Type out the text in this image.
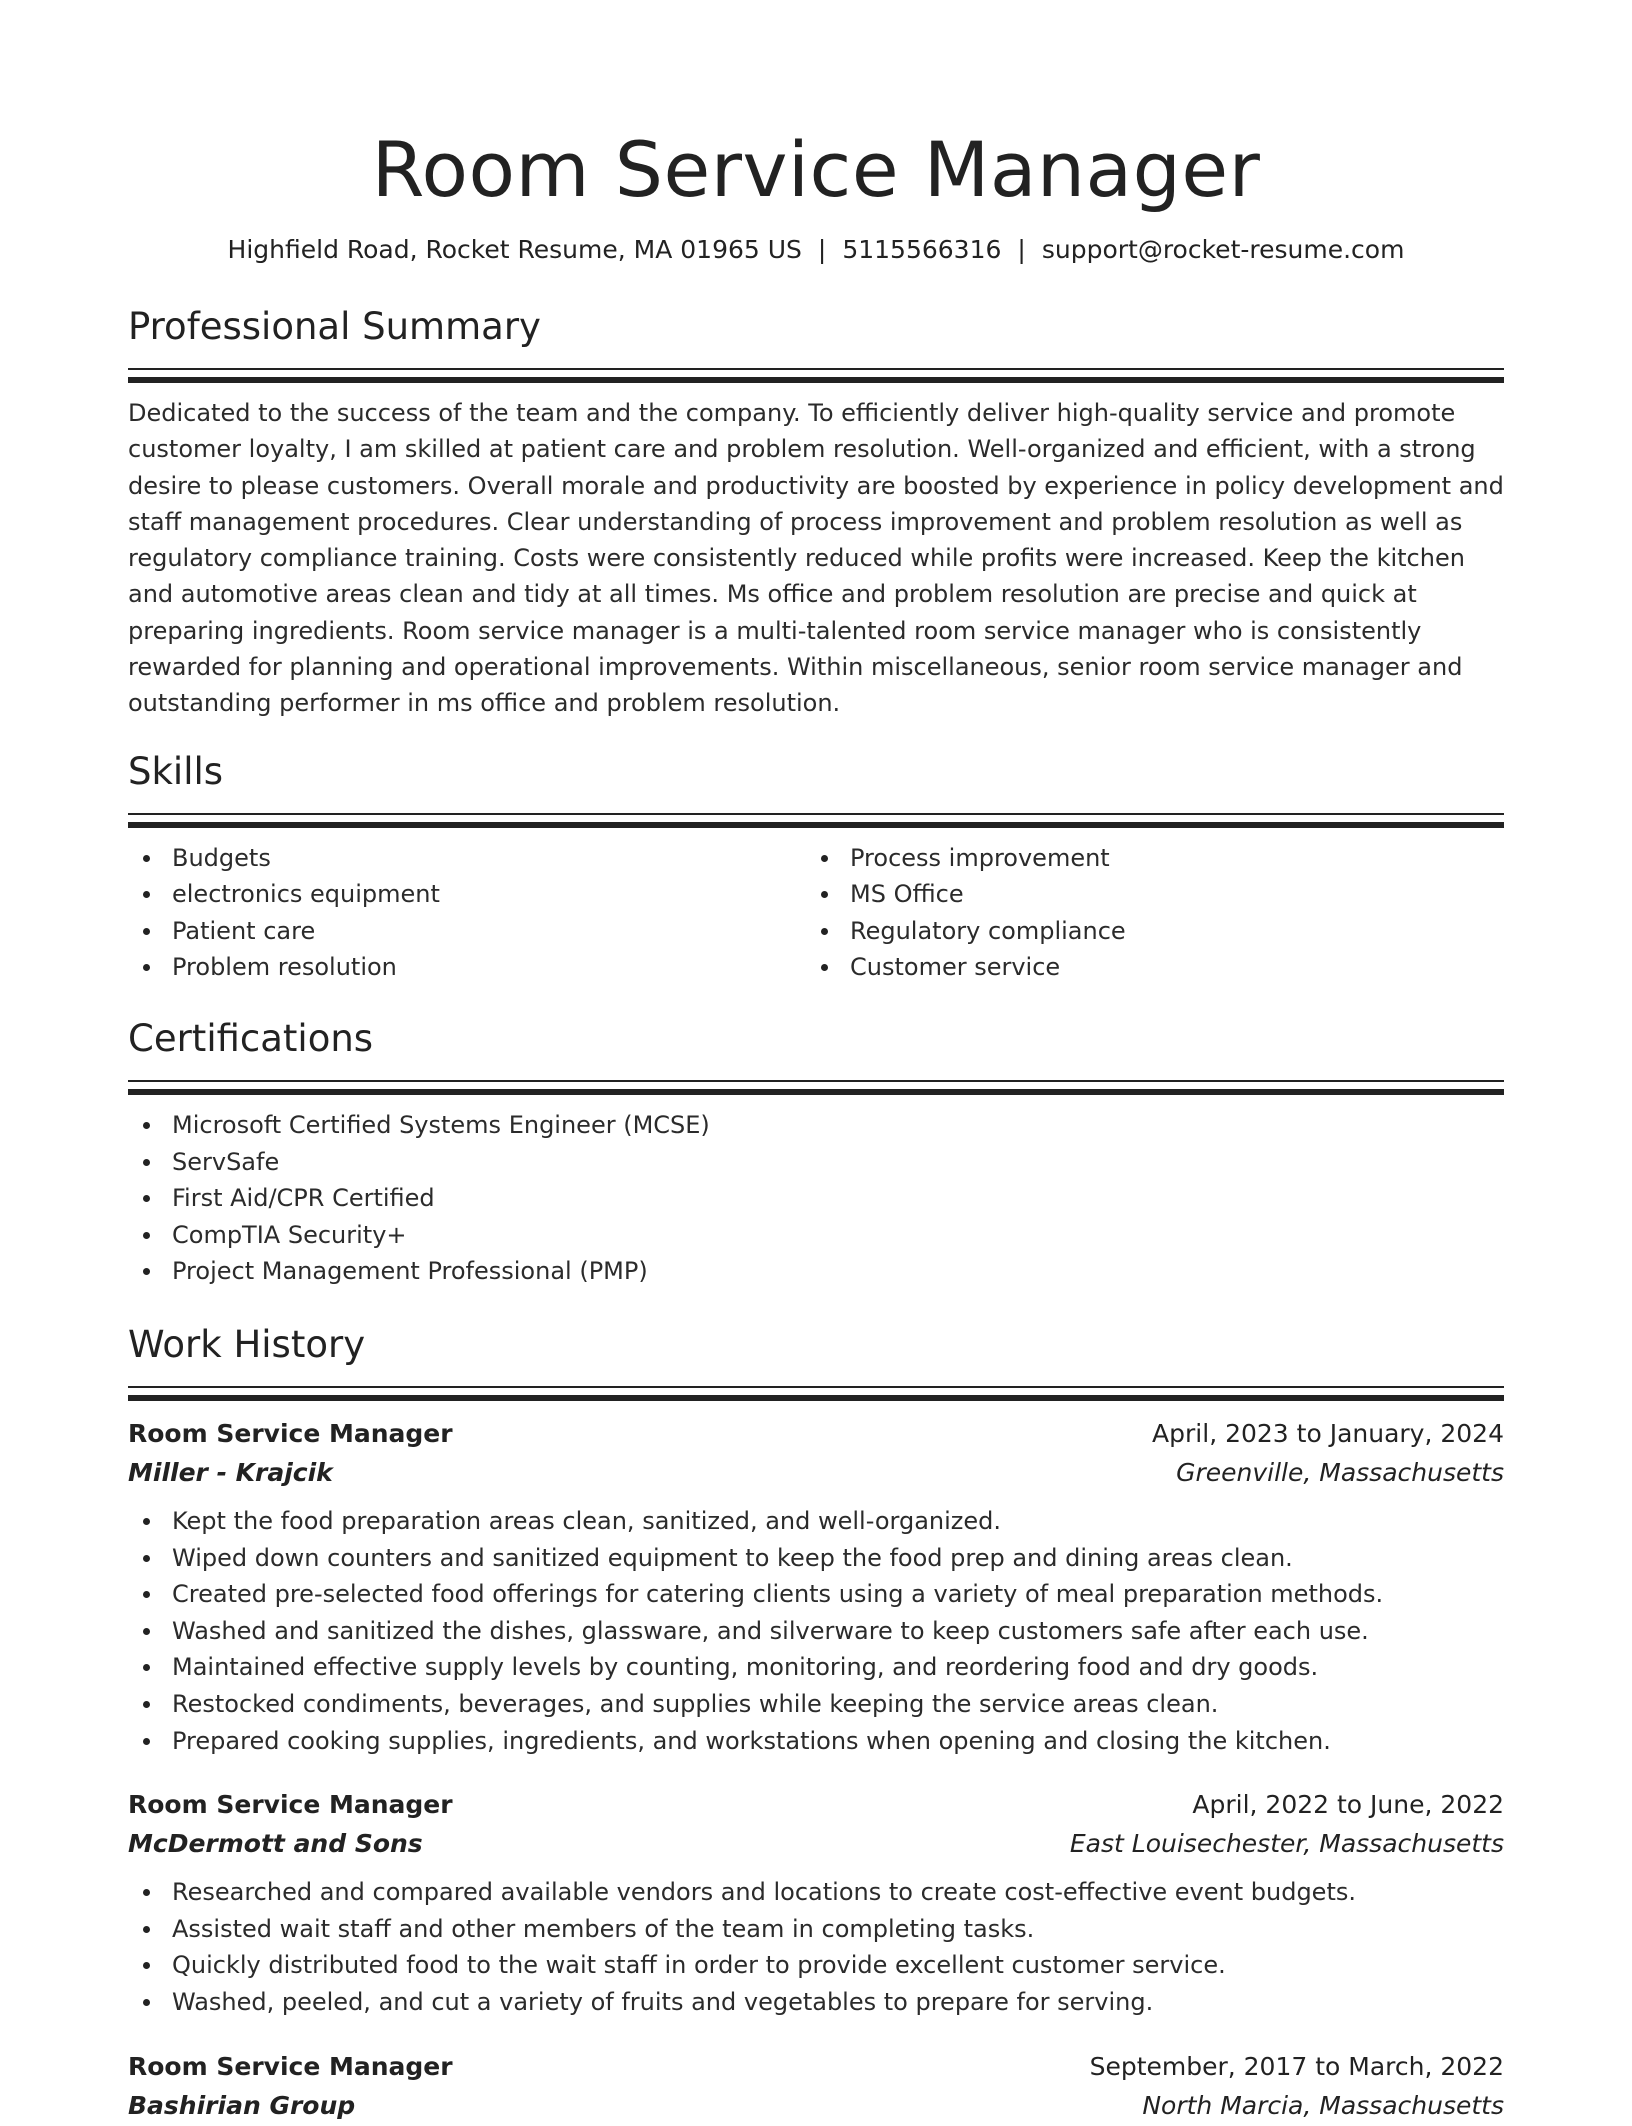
Room Service Manager
Highfield Road, Rocket Resume, MA 01965 US | 5115566316 | support@rocket-resume.com
Professional Summary

Dedicated to the success of the team and the company. To efficiently deliver high-quality service and promote customer loyalty, I am skilled at patient care and problem resolution. Well-organized and efficient, with a strong desire to please customers. Overall morale and productivity are boosted by experience in policy development and staff management procedures. Clear understanding of process improvement and problem resolution as well as regulatory compliance training. Costs were consistently reduced while profits were increased. Keep the kitchen and automotive areas clean and tidy at all times. Ms office and problem resolution are precise and quick at preparing ingredients. Room service manager is a multi-talented room service manager who is consistently rewarded for planning and operational improvements. Within miscellaneous, senior room service manager and outstanding performer in ms office and problem resolution.

Skills
Budgets
electronics equipment
Patient care
Problem resolution
Process improvement
MS Office
Regulatory compliance
Customer service
Certifications
Microsoft Certified Systems Engineer (MCSE)
ServSafe
First Aid/CPR Certified
CompTIA Security+
Project Management Professional (PMP)
Work History
Room Service Manager	April, 2023 to January, 2024
Miller - Krajcik	Greenville, Massachusetts
Kept the food preparation areas clean, sanitized, and well-organized.
Wiped down counters and sanitized equipment to keep the food prep and dining areas clean.
Created pre-selected food offerings for catering clients using a variety of meal preparation methods.
Washed and sanitized the dishes, glassware, and silverware to keep customers safe after each use.
Maintained effective supply levels by counting, monitoring, and reordering food and dry goods.
Restocked condiments, beverages, and supplies while keeping the service areas clean.
Prepared cooking supplies, ingredients, and workstations when opening and closing the kitchen.
Room Service Manager	April, 2022 to June, 2022
McDermott and Sons	East Louisechester, Massachusetts
Researched and compared available vendors and locations to create cost-effective event budgets.
Assisted wait staff and other members of the team in completing tasks.
Quickly distributed food to the wait staff in order to provide excellent customer service.
Washed, peeled, and cut a variety of fruits and vegetables to prepare for serving.
Room Service Manager	September, 2017 to March, 2022
Bashirian Group	North Marcia, Massachusetts
